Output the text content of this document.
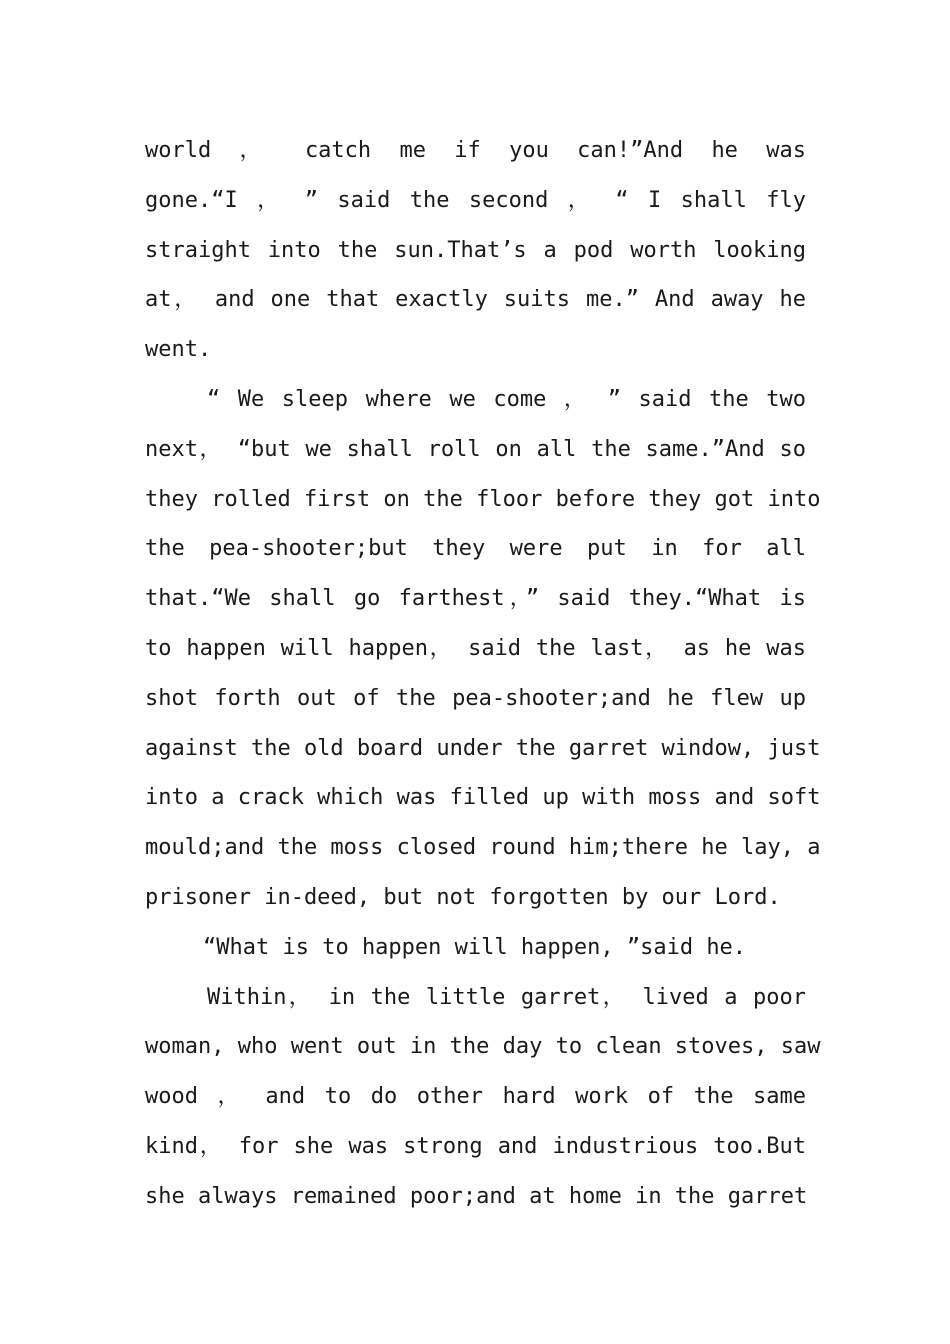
world ， catch me if you can!”And he was
gone.“I ， ” said the second ， “ I shall fly
straight into the sun.That’s a pod worth looking
at， and one that exactly suits me.” And away he
went.
“ We sleep where we come ， ” said the two
next， “but we shall roll on all the same.”And so
they rolled first on the floor before they got into
the pea-shooter;but they were put in for all
that.“We shall go farthest，” said they.“What is
to happen will happen， said the last， as he was
shot forth out of the pea-shooter;and he flew up
against the old board under the garret window, just
into a crack which was filled up with moss and soft
mould;and the moss closed round him;there he lay, a
prisoner in-deed, but not forgotten by our Lord.
“What is to happen will happen, ”said he.
Within， in the little garret， lived a poor
woman, who went out in the day to clean stoves, saw
wood ， and to do other hard work of the same
kind， for she was strong and industrious too.But
she always remained poor;and at home in the garret
